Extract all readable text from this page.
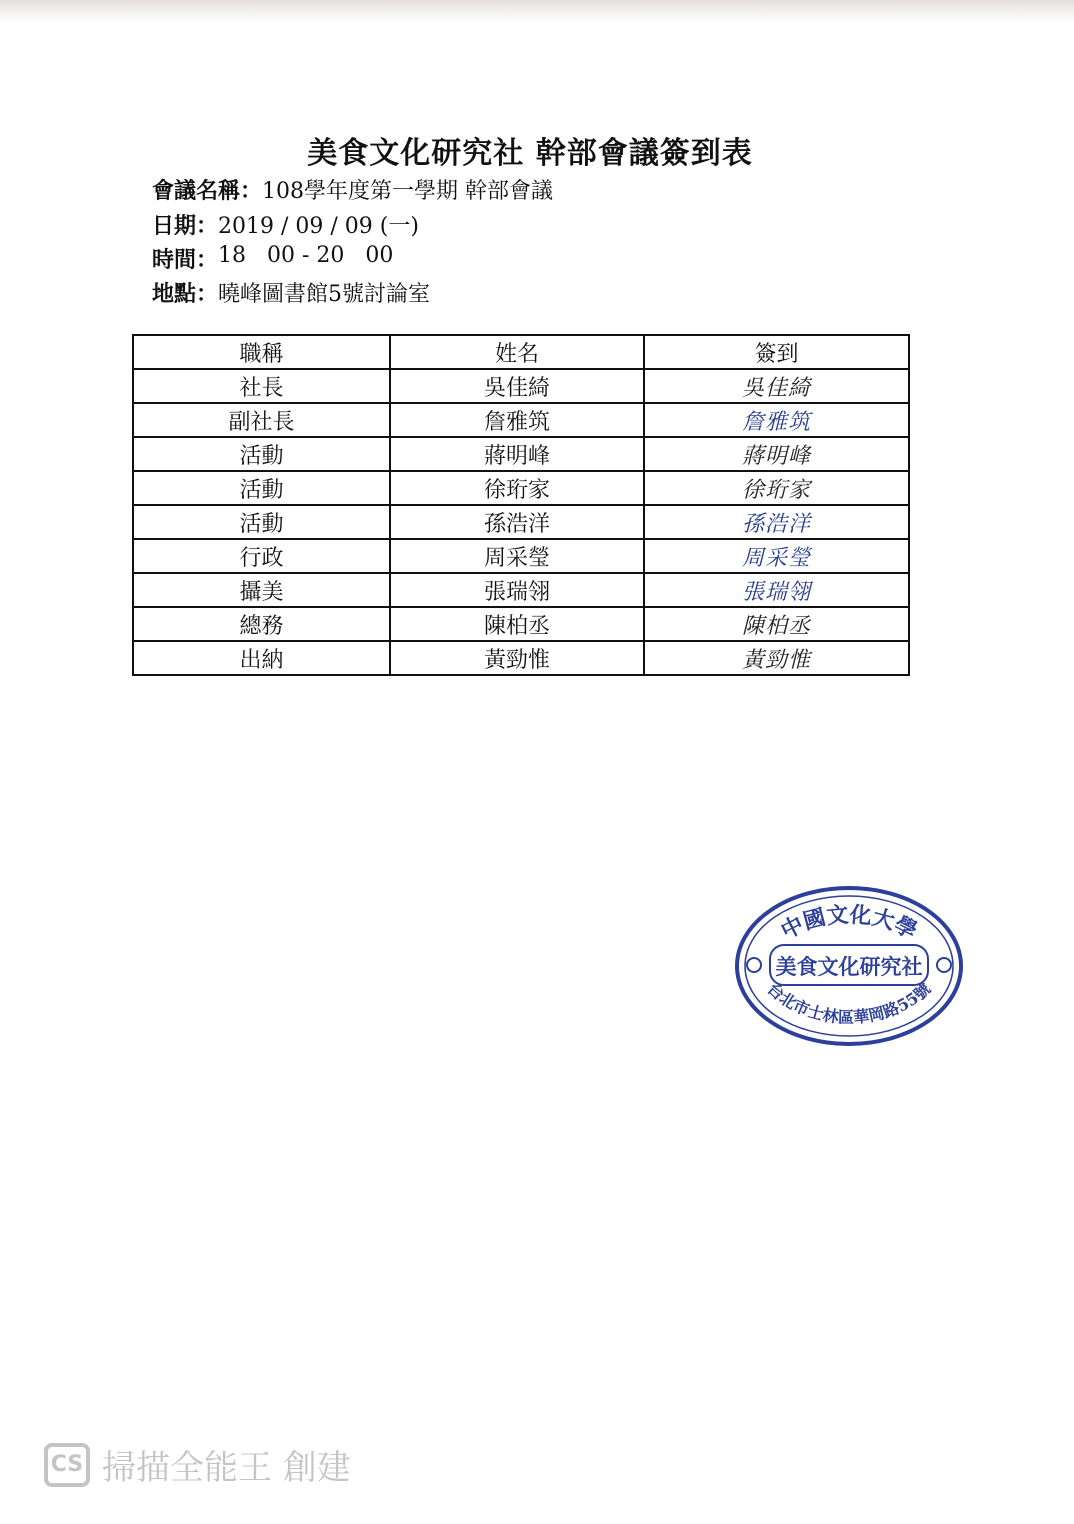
美食文化研究社 幹部會議簽到表
會議名稱： 108學年度第一學期 幹部會議
日期： 2019 / 09 / 09 (一)
時間： 18   00 - 20   00
地點： 曉峰圖書館5號討論室
職稱	姓名	簽到
社長	吳佳綺	吳佳綺
副社長	詹雅筑	詹雅筑
活動	蔣明峰	蔣明峰
活動	徐珩家	徐珩家
活動	孫浩洋	孫浩洋
行政	周采瑩	周采瑩
攝美	張瑞翎	張瑞翎
總務	陳柏丞	陳柏丞
出納	黃勁惟	黃勁惟
中國文化大學
美食文化研究社
台北市士林區華岡路55號
CS 掃描全能王 創建
